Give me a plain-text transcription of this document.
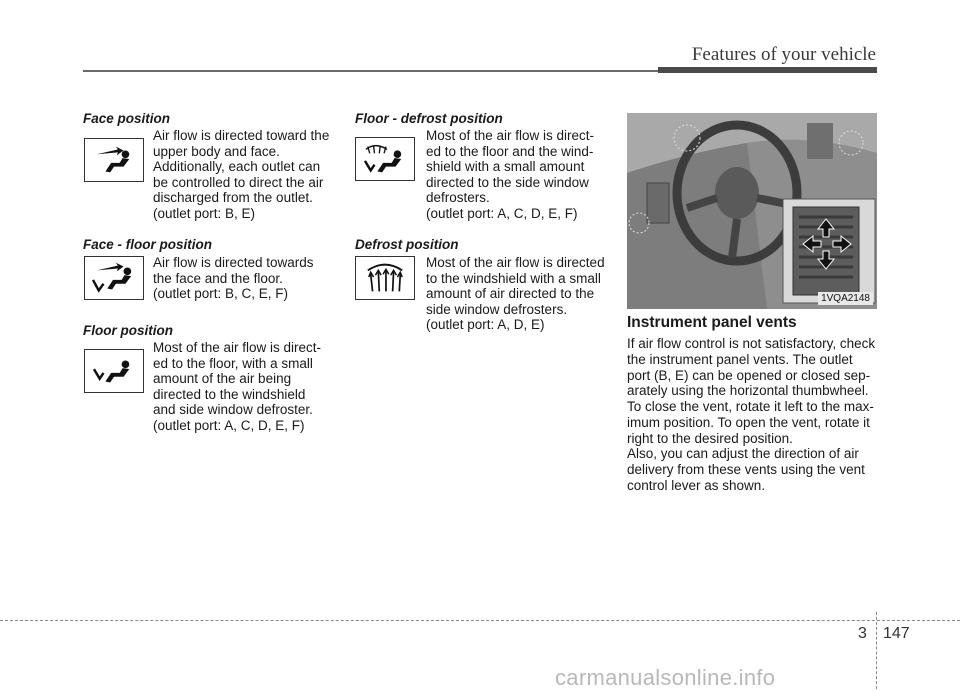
Features of your vehicle
Face position
Air flow is directed toward the
upper body and face.
Additionally, each outlet can
be controlled to direct the air
discharged from the outlet.
(outlet port: B, E)
Face - floor position
Air flow is directed towards
the face and the floor.
(outlet port: B, C, E, F)
Floor position
Most of the air flow is direct-
ed to the floor, with a small
amount of the air being
directed to the windshield
and side window defroster.
(outlet port: A, C, D, E, F)
Floor - defrost position
Most of the air flow is direct-
ed to the floor and the wind-
shield with a small amount
directed to the side window
defrosters.
(outlet port: A, C, D, E, F)
Defrost position
Most of the air flow is directed
to the windshield with a small
amount of air directed to the
side window defrosters.
(outlet port: A, D, E)
1VQA2148
Instrument panel vents
If air flow control is not satisfactory, check
the instrument panel vents. The outlet
port (B, E) can be opened or closed sep-
arately using the horizontal thumbwheel.
To close the vent, rotate it left to the max-
imum position. To open the vent, rotate it
right to the desired position.
Also, you can adjust the direction of air
delivery from these vents using the vent
control lever as shown.
3 147
carmanualsonline.info
